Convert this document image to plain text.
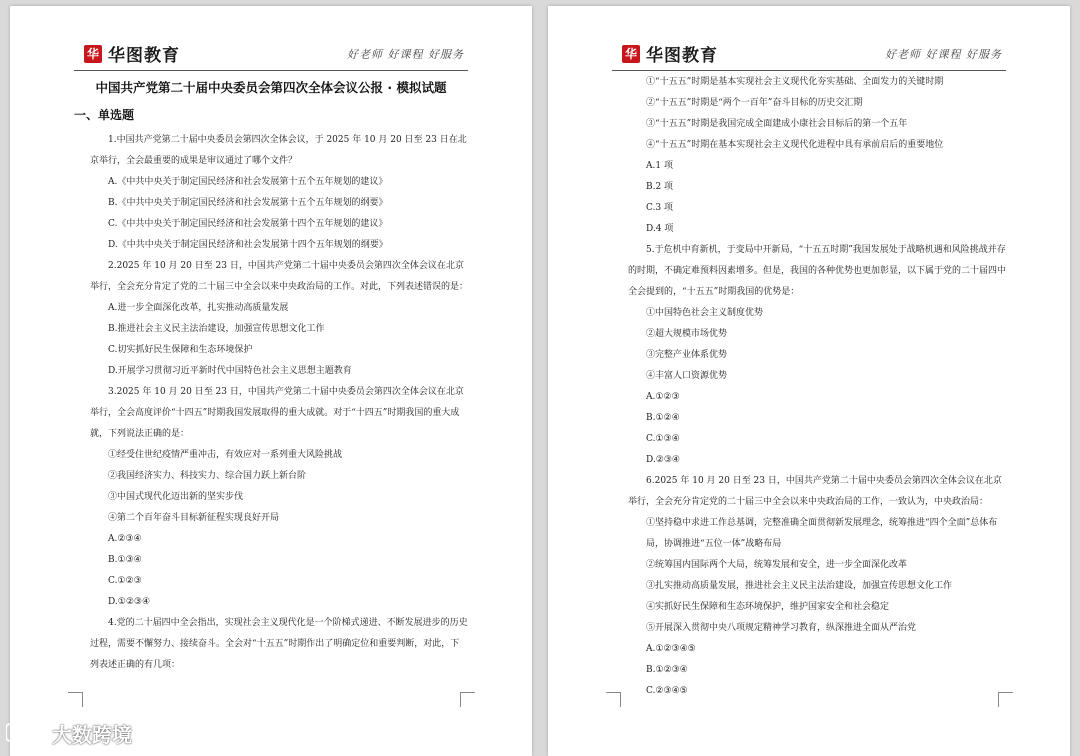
华 华图教育	好老师 好课程 好服务
中国共产党第二十届中央委员会第四次全体会议公报 · 模拟试题
一、单选题

1.中国共产党第二十届中央委员会第四次全体会议，于 2025 年 10 月 20 日至 23 日在北京举行，全会最重要的成果是审议通过了哪个文件？

A.《中共中央关于制定国民经济和社会发展第十五个五年规划的建议》

B.《中共中央关于制定国民经济和社会发展第十五个五年规划的纲要》

C.《中共中央关于制定国民经济和社会发展第十四个五年规划的建议》

D.《中共中央关于制定国民经济和社会发展第十四个五年规划的纲要》

2.2025 年 10 月 20 日至 23 日，中国共产党第二十届中央委员会第四次全体会议在北京举行，全会充分肯定了党的二十届三中全会以来中央政治局的工作。对此，下列表述错误的是：

A.进一步全面深化改革，扎实推动高质量发展

B.推进社会主义民主法治建设，加强宣传思想文化工作

C.切实抓好民生保障和生态环境保护

D.开展学习贯彻习近平新时代中国特色社会主义思想主题教育

3.2025 年 10 月 20 日至 23 日，中国共产党第二十届中央委员会第四次全体会议在北京举行，全会高度评价“十四五”时期我国发展取得的重大成就。对于“十四五”时期我国的重大成就，下列说法正确的是：

①经受住世纪疫情严重冲击，有效应对一系列重大风险挑战

②我国经济实力、科技实力、综合国力跃上新台阶

③中国式现代化迈出新的坚实步伐

④第二个百年奋斗目标新征程实现良好开局

A.②③④

B.①③④

C.①②③

D.①②③④

4.党的二十届四中全会指出，实现社会主义现代化是一个阶梯式递进、不断发展进步的历史过程，需要不懈努力、接续奋斗。全会对“十五五”时期作出了明确定位和重要判断，对此，下列表述正确的有几项：

华 华图教育	好老师 好课程 好服务

①“十五五”时期是基本实现社会主义现代化夯实基础、全面发力的关键时期

②“十五五”时期是“两个一百年”奋斗目标的历史交汇期

③“十五五”时期是我国完成全面建成小康社会目标后的第一个五年

④“十五五”时期在基本实现社会主义现代化进程中具有承前启后的重要地位

A.1 项

B.2 项

C.3 项

D.4 项

5.于危机中育新机，于变局中开新局，“十五五时期”我国发展处于战略机遇和风险挑战并存的时期，不确定难预料因素增多。但是，我国的各种优势也更加彰显，以下属于党的二十届四中全会提到的，“十五五”时期我国的优势是：

①中国特色社会主义制度优势

②超大规模市场优势

③完整产业体系优势

④丰富人口资源优势

A.①②③

B.①②④

C.①③④

D.②③④

6.2025 年 10 月 20 日至 23 日，中国共产党第二十届中央委员会第四次全体会议在北京举行，全会充分肯定党的二十届三中全会以来中央政治局的工作，一致认为，中央政治局：

①坚持稳中求进工作总基调，完整准确全面贯彻新发展理念，统筹推进“四个全面”总体布局，协调推进“五位一体”战略布局

②统筹国内国际两个大局，统筹发展和安全，进一步全面深化改革

③扎实推动高质量发展，推进社会主义民主法治建设，加强宣传思想文化工作

④实抓好民生保障和生态环境保护，维护国家安全和社会稳定

⑤开展深入贯彻中央八项规定精神学习教育，纵深推进全面从严治党

A.①②③④⑤

B.①②③④

C.②③④⑤

大数跨境
